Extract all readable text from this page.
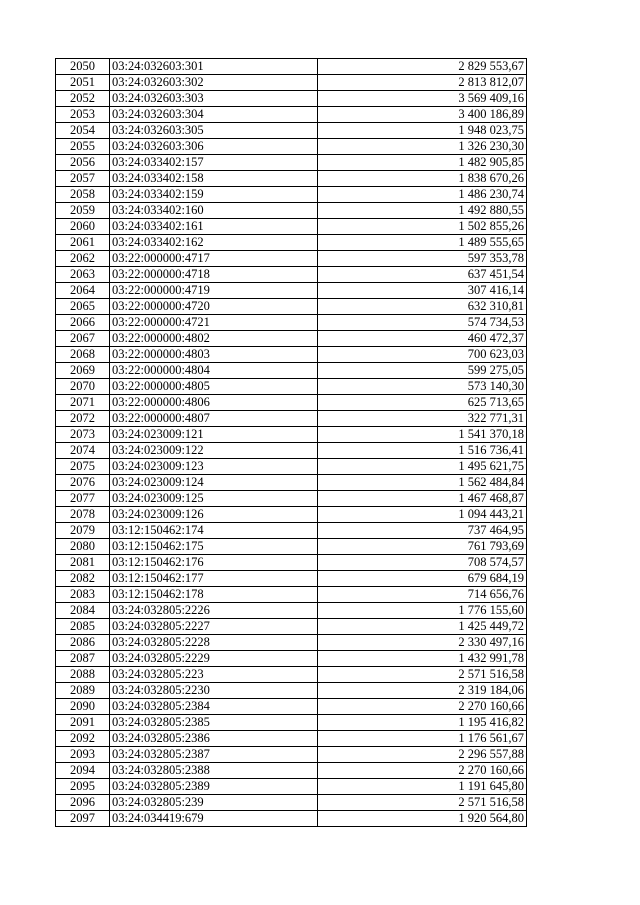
2050	03:24:032603:301	2 829 553,67
2051	03:24:032603:302	2 813 812,07
2052	03:24:032603:303	3 569 409,16
2053	03:24:032603:304	3 400 186,89
2054	03:24:032603:305	1 948 023,75
2055	03:24:032603:306	1 326 230,30
2056	03:24:033402:157	1 482 905,85
2057	03:24:033402:158	1 838 670,26
2058	03:24:033402:159	1 486 230,74
2059	03:24:033402:160	1 492 880,55
2060	03:24:033402:161	1 502 855,26
2061	03:24:033402:162	1 489 555,65
2062	03:22:000000:4717	597 353,78
2063	03:22:000000:4718	637 451,54
2064	03:22:000000:4719	307 416,14
2065	03:22:000000:4720	632 310,81
2066	03:22:000000:4721	574 734,53
2067	03:22:000000:4802	460 472,37
2068	03:22:000000:4803	700 623,03
2069	03:22:000000:4804	599 275,05
2070	03:22:000000:4805	573 140,30
2071	03:22:000000:4806	625 713,65
2072	03:22:000000:4807	322 771,31
2073	03:24:023009:121	1 541 370,18
2074	03:24:023009:122	1 516 736,41
2075	03:24:023009:123	1 495 621,75
2076	03:24:023009:124	1 562 484,84
2077	03:24:023009:125	1 467 468,87
2078	03:24:023009:126	1 094 443,21
2079	03:12:150462:174	737 464,95
2080	03:12:150462:175	761 793,69
2081	03:12:150462:176	708 574,57
2082	03:12:150462:177	679 684,19
2083	03:12:150462:178	714 656,76
2084	03:24:032805:2226	1 776 155,60
2085	03:24:032805:2227	1 425 449,72
2086	03:24:032805:2228	2 330 497,16
2087	03:24:032805:2229	1 432 991,78
2088	03:24:032805:223	2 571 516,58
2089	03:24:032805:2230	2 319 184,06
2090	03:24:032805:2384	2 270 160,66
2091	03:24:032805:2385	1 195 416,82
2092	03:24:032805:2386	1 176 561,67
2093	03:24:032805:2387	2 296 557,88
2094	03:24:032805:2388	2 270 160,66
2095	03:24:032805:2389	1 191 645,80
2096	03:24:032805:239	2 571 516,58
2097	03:24:034419:679	1 920 564,80
